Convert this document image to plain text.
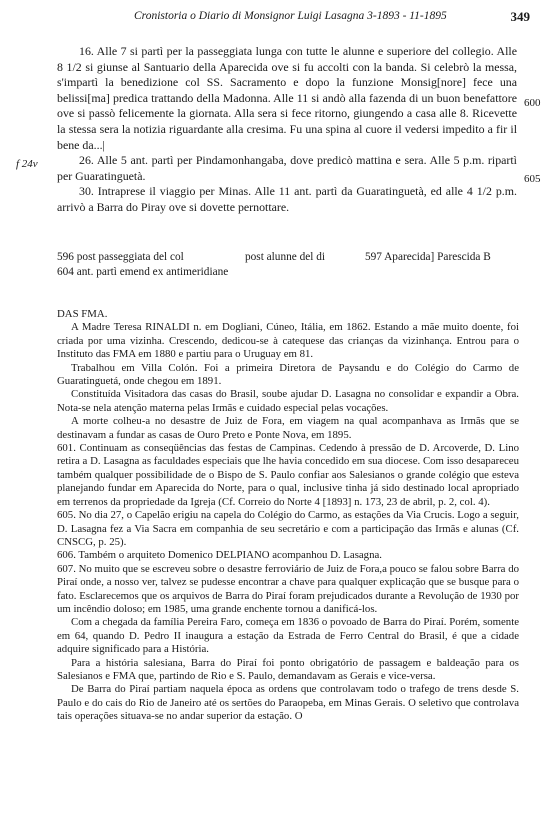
Cronistoria o Diario di Monsignor Luigi Lasagna 3-1893 - 11-1895	349
f 24v
600
605

16. Alle 7 si partì per la passeggiata lunga con tutte le alunne e superiore del collegio. Alle 8 1/2 si giunse al Santuario della Aparecida ove si fu accolti con la banda. Si celebrò la messa, s'impartì la benedizione col SS. Sacramento e dopo la funzione Monsig[nore] fece una belissi[ma] predica trattando della Madonna. Alle 11 si andò alla fazenda di un buon benefattore ove si passò felicemente la giornata. Alla sera si fece ritorno, giungendo a casa alle 8. Ricevette la stessa sera la notizia riguardante alla cresima. Fu una spina al cuore il vedersi impedito a fir il bene da...|

26. Alle 5 ant. partì per Pindamonhangaba, dove predicò mattina e sera. Alle 5 p.m. ripartì per Guaratinguetà.

30. Intraprese il viaggio per Minas. Alle 11 ant. partì da Guaratinguetà, ed alle 4 1/2 p.m. arrivò a Barra do Piray ove si dovette pernottare.

596 post passeggiata del col	post alunne del di	597 Aparecida] Parescida B
604 ant. partì emend ex antimeridiane

DAS FMA.

A Madre Teresa RINALDI n. em Dogliani, Cúneo, Itália, em 1862. Estando a mãe muito doente, foi criada por uma vizinha. Crescendo, dedicou-se à catequese das crianças da vizinhança. Entrou para o Instituto das FMA em 1880 e partiu para o Uruguay em 81.

Trabalhou em Villa Colón. Foi a primeira Diretora de Paysandu e do Colégio do Carmo de Guaratinguetá, onde chegou em 1891.

Constituída Visitadora das casas do Brasil, soube ajudar D. Lasagna no consolidar e expandir a Obra. Nota-se nela atenção materna pelas Irmãs e cuidado especial pelas vocações.

A morte colheu-a no desastre de Juiz de Fora, em viagem na qual acompanhava as Irmãs que se destinavam a fundar as casas de Ouro Preto e Ponte Nova, em 1895.

601. Continuam as conseqüências das festas de Campinas. Cedendo à pressão de D. Arcoverde, D. Lino retira a D. Lasagna as faculdades especiais que lhe havia concedido em sua diocese. Com isso desapareceu também qualquer possibilidade de o Bispo de S. Paulo confiar aos Salesianos o grande colégio que esteva planejando fundar em Aparecida do Norte, para o qual, inclusive tinha já sido destinado local apropriado em terrenos da propriedade da Igreja (Cf. Correio do Norte 4 [1893] n. 173, 23 de abril, p. 2, col. 4).

605. No dia 27, o Capelão erigiu na capela do Colégio do Carmo, as estações da Via Crucis. Logo a seguir, D. Lasagna fez a Via Sacra em companhia de seu secretário e com a participação das Irmãs e alunas (Cf. CNSCG, p. 25).

606. Também o arquiteto Domenico DELPIANO acompanhou D. Lasagna.

607. No muito que se escreveu sobre o desastre ferroviário de Juiz de Fora,a pouco se falou sobre Barra do Piraí onde, a nosso ver, talvez se pudesse encontrar a chave para qualquer explicação que se busque para o fato. Esclarecemos que os arquivos de Barra do Piraí foram prejudicados durante a Revolução de 1930 por um incêndio doloso; em 1985, uma grande enchente tornou a danificá-los.

Com a chegada da família Pereira Faro, começa em 1836 o povoado de Barra do Piraí. Porém, somente em 64, quando D. Pedro II inaugura a estação da Estrada de Ferro Central do Brasil, é que a cidade adquire significado para a História.

Para a história salesiana, Barra do Piraí foi ponto obrigatório de passagem e baldeação para os Salesianos e FMA que, partindo de Rio e S. Paulo, demandavam as Gerais e vice-versa.

De Barra do Piraí partiam naquela época as ordens que controlavam todo o trafego de trens desde S. Paulo e do cais do Rio de Janeiro até os sertões do Paraopeba, em Minas Gerais. O seletivo que controlava tais operações situava-se no andar superior da estação. O
